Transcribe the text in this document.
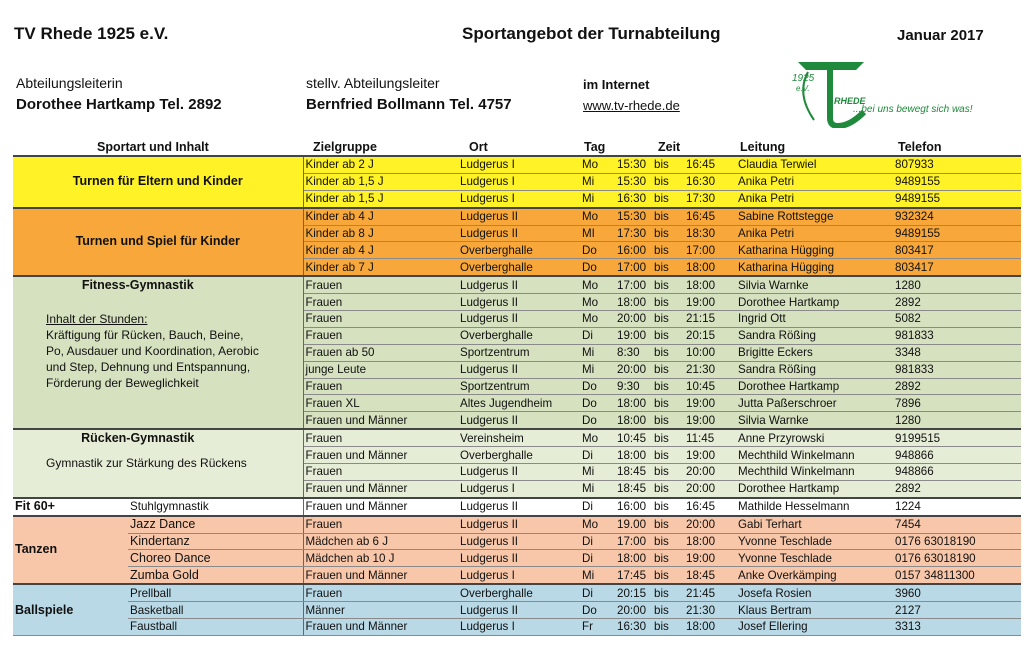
TV Rhede 1925 e.V.	Sportangebot der Turnabteilung	Januar 2017
Abteilungsleiterin
Dorothee Hartkamp Tel. 2892
stellv. Abteilungsleiter
Bernfried Bollmann Tel. 4757
im Internet
www.tv-rhede.de
1925
e.V.
RHEDE
...bei uns bewegt sich was!
Sportart und Inhalt	Zielgruppe	Ort	Tag	Zeit	Leitung	Telefon
Turnen für Eltern und Kinder		Kinder ab 2 J	Ludgerus I	Mo	15:30	bis	16:45	Claudia Terwiel	807933
		Kinder ab 1,5 J	Ludgerus I	Mi	15:30	bis	16:30	Anika Petri	9489155
		Kinder ab 1,5 J	Ludgerus I	Mi	16:30	bis	17:30	Anika Petri	9489155

Turnen und Spiel für Kinder		Kinder ab 4 J	Ludgerus II	Mo	15:30	bis	16:45	Sabine Rottstegge	932324
		Kinder ab 8 J	Ludgerus II	MI	17:30	bis	18:30	Anika Petri	9489155
		Kinder ab 4 J	Overberghalle	Do	16:00	bis	17:00	Katharina Hügging	803417
		Kinder ab 7 J	Overberghalle	Do	17:00	bis	18:00	Katharina Hügging	803417

Fitness-Gymnastik
Inhalt der Stunden:
Kräftigung für Rücken, Bauch, Beine, Po, Ausdauer und Koordination, Aerobic und Step, Dehnung und Entspannung, Förderung der Beweglichkeit		Frauen	Ludgerus II	Mo	17:00	bis	18:00	Silvia Warnke	1280
		Frauen	Ludgerus II	Mo	18:00	bis	19:00	Dorothee Hartkamp	2892
		Frauen	Ludgerus II	Mo	20:00	bis	21:15	Ingrid Ott	5082
		Frauen	Overberghalle	Di	19:00	bis	20:15	Sandra Rößing	981833
		Frauen ab 50	Sportzentrum	Mi	8:30	bis	10:00	Brigitte Eckers	3348
		junge Leute	Ludgerus II	Mi	20:00	bis	21:30	Sandra Rößing	981833
		Frauen	Sportzentrum	Do	9:30	bis	10:45	Dorothee Hartkamp	2892
		Frauen XL	Altes Jugendheim	Do	18:00	bis	19:00	Jutta Paßerschroer	7896
		Frauen und Männer	Ludgerus II	Do	18:00	bis	19:00	Silvia Warnke	1280

Rücken-Gymnastik
Gymnastik zur Stärkung des Rückens		Frauen	Vereinsheim	Mo	10:45	bis	11:45	Anne Przyrowski	9199515
		Frauen und Männer	Overberghalle	Di	18:00	bis	19:00	Mechthild Winkelmann	948866
		Frauen	Ludgerus II	Mi	18:45	bis	20:00	Mechthild Winkelmann	948866
		Frauen und Männer	Ludgerus I	Mi	18:45	bis	20:00	Dorothee Hartkamp	2892
Fit 60+	Stuhlgymnastik	Frauen und Männer	Ludgerus II	Di	16:00	bis	16:45	Mathilde Hesselmann	1224
Tanzen	Jazz Dance	Frauen	Ludgerus II	Mo	19.00	bis	20:00	Gabi Terhart	7454
	Kindertanz	Mädchen ab 6 J	Ludgerus II	Di	17:00	bis	18:00	Yvonne Teschlade	0176 63018190
	Choreo Dance	Mädchen ab 10 J	Ludgerus II	Di	18:00	bis	19:00	Yvonne Teschlade	0176 63018190
	Zumba Gold	Frauen und Männer	Ludgerus I	Mi	17:45	bis	18:45	Anke Overkämping	0157 34811300
Ballspiele	Prellball	Frauen	Overberghalle	Di	20:15	bis	21:45	Josefa Rosien	3960
	Basketball	Männer	Ludgerus II	Do	20:00	bis	21:30	Klaus Bertram	2127
	Faustball	Frauen und Männer	Ludgerus I	Fr	16:30	bis	18:00	Josef Ellering	3313
